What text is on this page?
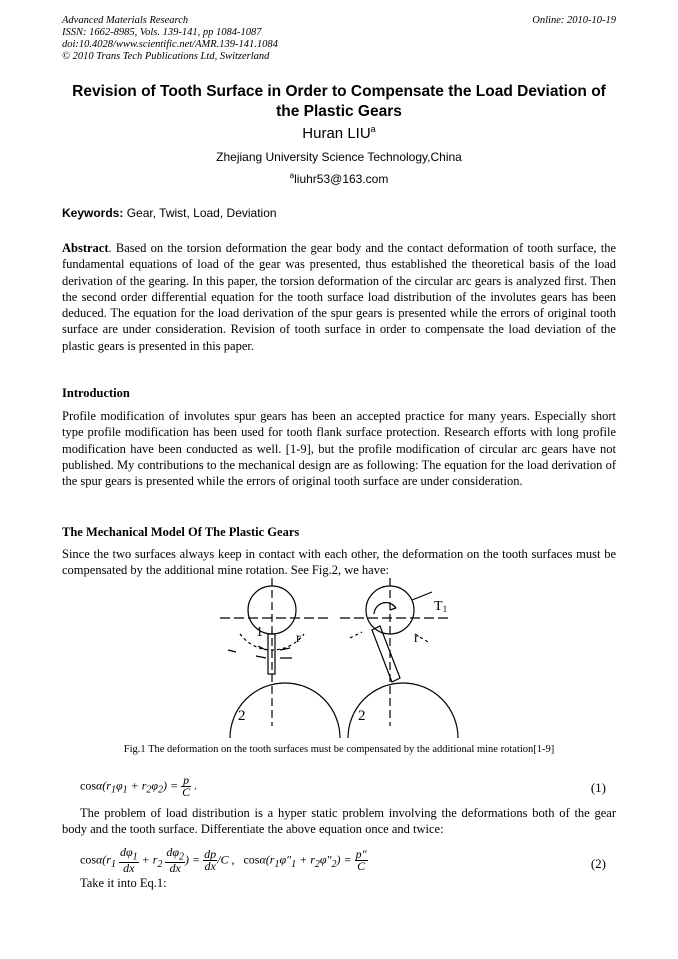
Advanced Materials Research
ISSN: 1662-8985, Vols. 139-141, pp 1084-1087
doi:10.4028/www.scientific.net/AMR.139-141.1084
© 2010 Trans Tech Publications Ltd, Switzerland
Online: 2010-10-19
Revision of Tooth Surface in Order to Compensate the Load Deviation of the Plastic Gears
Huran LIU$^a$
Zhejiang University Science Technology,China
$^a$liuhr53@163.com
Keywords: Gear, Twist, Load, Deviation
Abstract. Based on the torsion deformation the gear body and the contact deformation of tooth surface, the fundamental equations of load of the gear was presented, thus established the theoretical basis of the load derivation of the gearing. In this paper, the torsion deformation of the circular arc gears is analyzed first. Then the second order differential equation for the tooth surface load distribution of the involutes gears has been deduced. The equation for the load derivation of the spur gears is presented while the errors of original tooth surface are under consideration. Revision of tooth surface in order to compensate the load deviation of the plastic gears is presented in this paper.
Introduction
Profile modification of involutes spur gears has been an accepted practice for many years. Especially short type profile modification has been used for tooth flank surface protection. Research efforts with long profile modification have been conducted as well. [1-9], but the profile modification of circular arc gears have not published. My contributions to the mechanical design are as following: The equation for the load derivation of the spur gears is presented while the errors of original tooth surface are under consideration.
The Mechanical Model Of The Plastic Gears
Since the two surfaces always keep in contact with each other, the deformation on the tooth surfaces must be compensated by the additional mine rotation. See Fig.2, we have:
1 r
2
r
2
T1
Fig.1 The deformation on the tooth surfaces must be compensated by the additional mine rotation[1-9]
$\cos\alpha(r_1\varphi_1 + r_2\varphi_2) = \frac{p}{C}$ .	(1)
The problem of load distribution is a hyper static problem involving the deformations both of the gear body and the tooth surface. Differentiate the above equation once and twice:
$\cos\alpha(r_1 \frac{d\varphi_1}{dx} + r_2 \frac{d\varphi_2}{dx}$ ) = $\frac{dp}{dx} /C$ ,   $\cos\alpha(r_1\varphi''_1 + r_2\varphi''_2) = \frac{p''}{C}$	(2)
Take it into Eq.1:
